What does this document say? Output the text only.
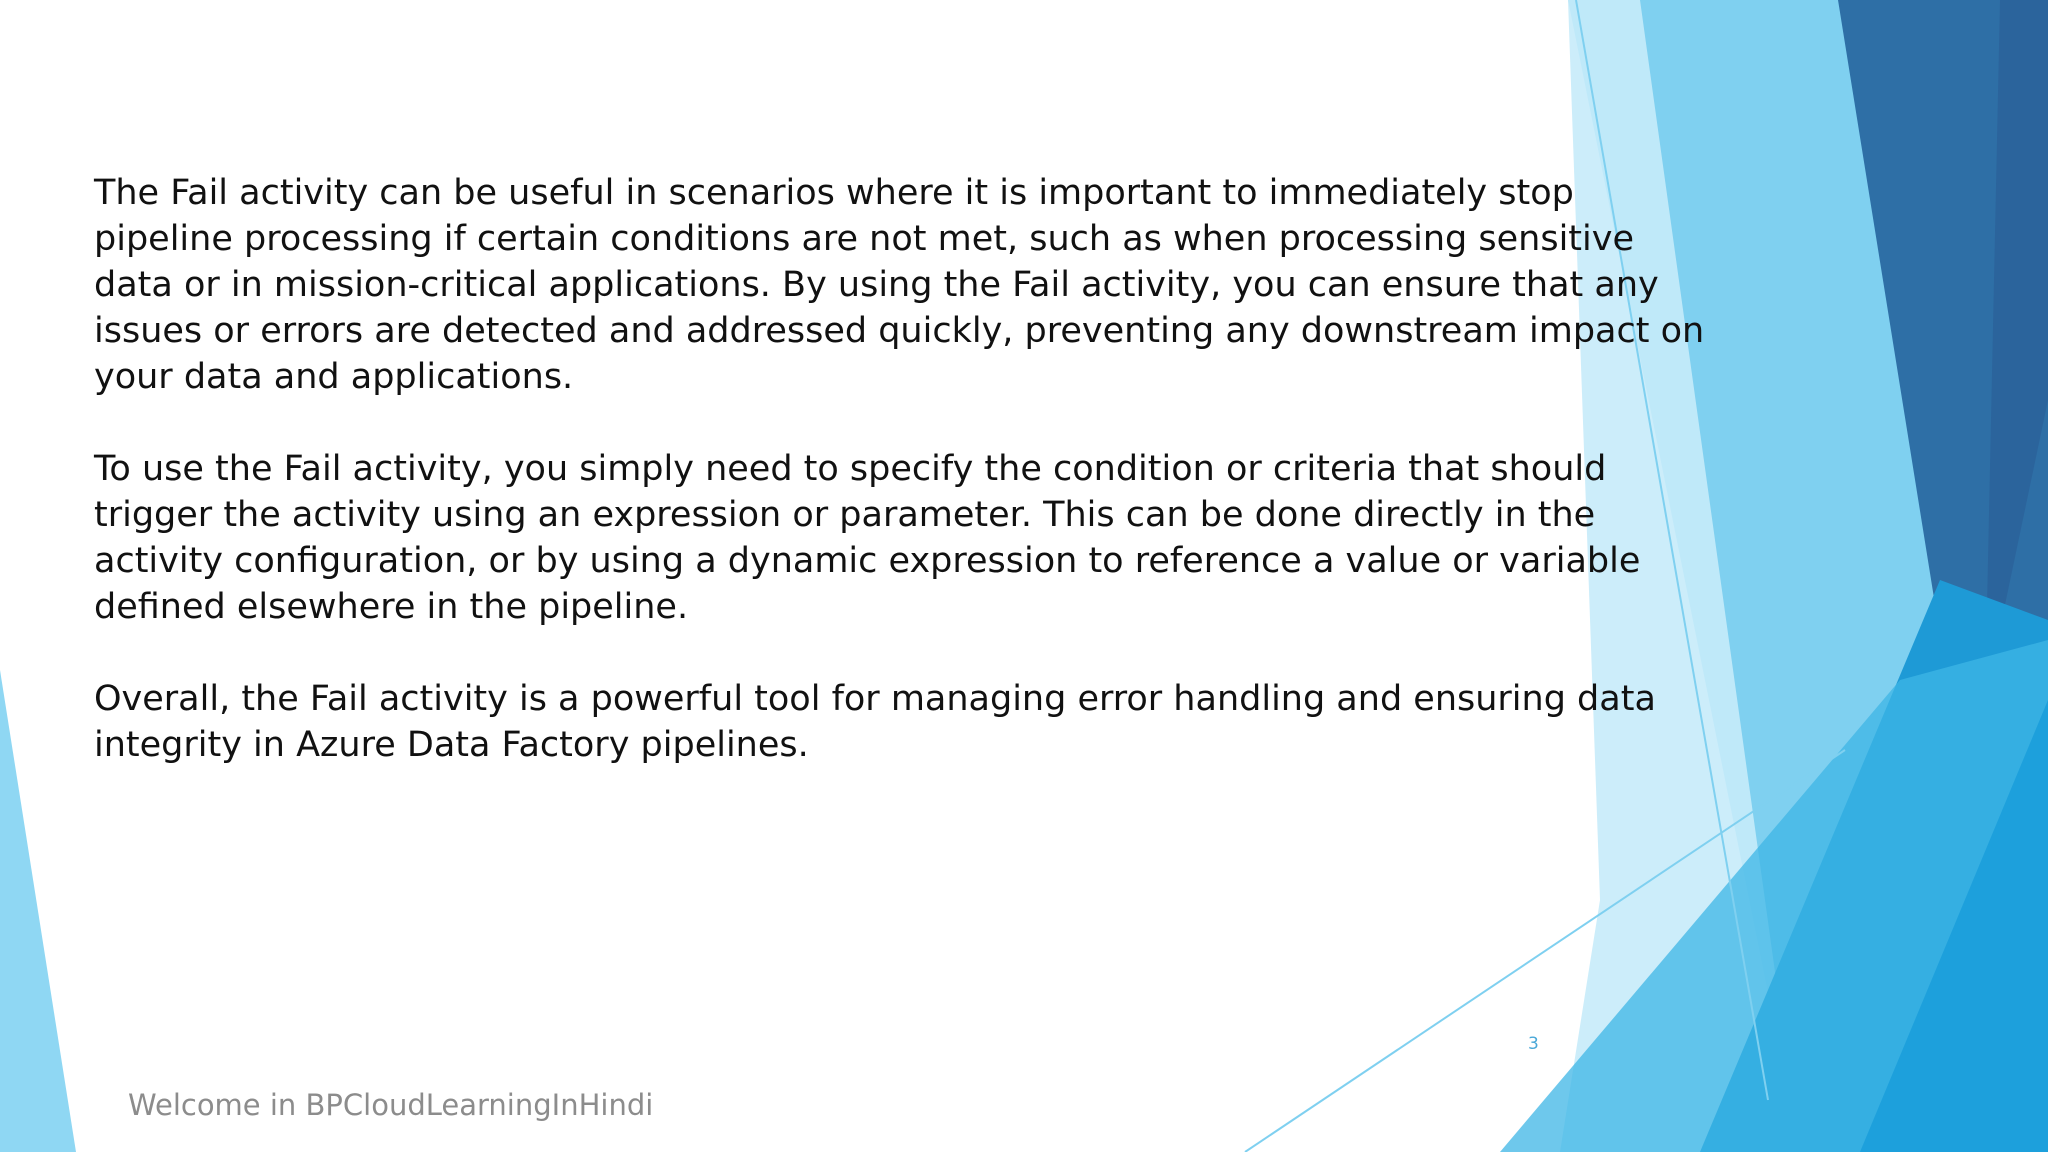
The Fail activity can be useful in scenarios where it is important to immediately stop
pipeline processing if certain conditions are not met, such as when processing sensitive
data or in mission-critical applications. By using the Fail activity, you can ensure that any
issues or errors are detected and addressed quickly, preventing any downstream impact on
your data and applications.

To use the Fail activity, you simply need to specify the condition or criteria that should
trigger the activity using an expression or parameter. This can be done directly in the
activity configuration, or by using a dynamic expression to reference a value or variable
defined elsewhere in the pipeline.

Overall, the Fail activity is a powerful tool for managing error handling and ensuring data
integrity in Azure Data Factory pipelines.

3
Welcome in BPCloudLearningInHindi
